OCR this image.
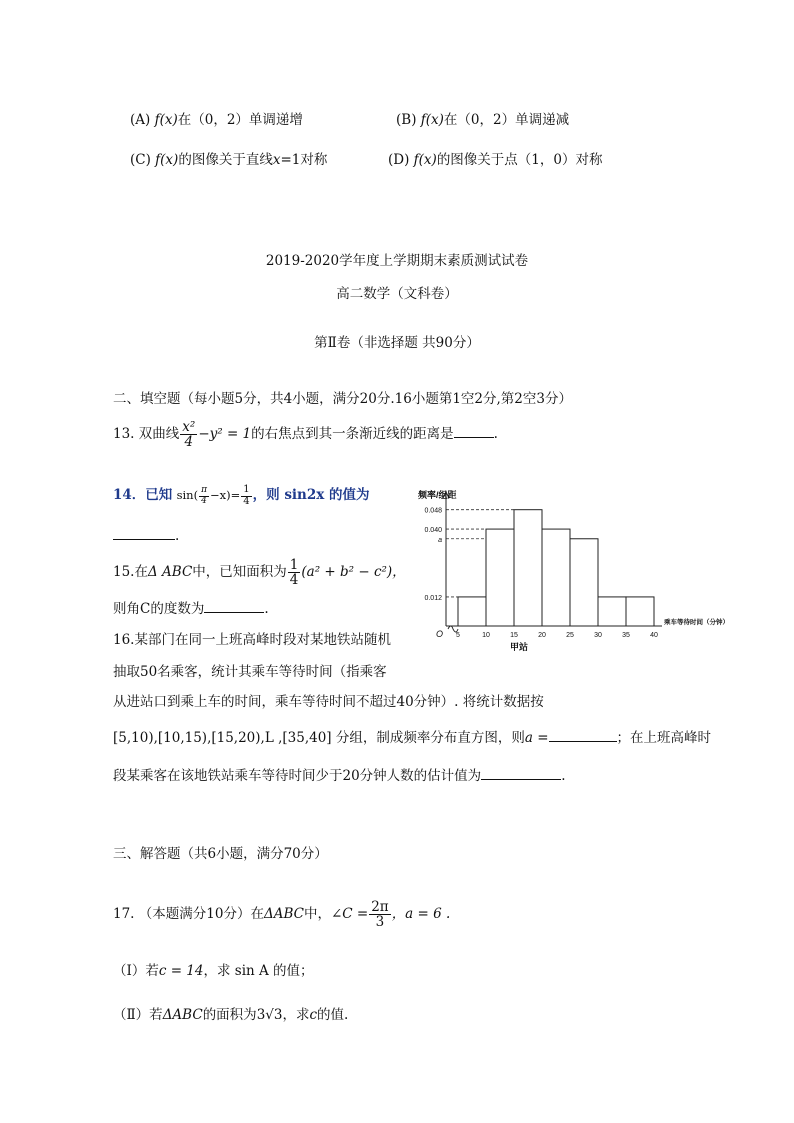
(A) f(x)在（0，2）单调递增	(B) f(x)在（0，2）单调递减
(C) f(x)的图像关于直线x=1对称	(D) f(x)的图像关于点（1，0）对称
2019-2020学年度上学期期末素质测试试卷
高二数学（文科卷）
第Ⅱ卷（非选择题 共90分）
二、填空题（每小题5分，共4小题，满分20分.16小题第1空2分,第2空3分）
13. 双曲线 $\frac{\text{x²}}{4} -y^2 = 1$的右焦点到其一条渐近线的距离是	.
14．已知 $\sin( \frac{\pi}{4} -x)= \frac{1}{4}$ ，则 sin2x 的值为
.
15.在Δ ABC中，已知面积为 $\frac{1}{4} (a^2 + b^2 - c^2)$，
则角C的度数为	.
16.某部门在同一上班高峰时段对某地铁站随机
抽取50名乘客，统计其乘车等待时间（指乘客
从进站口到乘上车的时间，乘车等待时间不超过40分钟）. 将统计数据按
[5,10),[10,15),[15,20),L ,[35,40] 分组，制成频率分布直方图，则a =	；在上班高峰时
段某乘客在该地铁站乘车等待时间少于20分钟人数的估计值为	.
0.048
0.040
a
0.012
5	10	15	20	25	30	35	40
O
频率/组距
乘车等待时间（分钟）
甲站
三、解答题（共6小题，满分70分）
17. （本题满分10分）在ΔABC中，∠C = $\frac{2\pi}{3}$ ，a = 6 .
（Ⅰ）若c = 14，求 sin A 的值；
（Ⅱ）若ΔABC的面积为3√3，求c的值.
